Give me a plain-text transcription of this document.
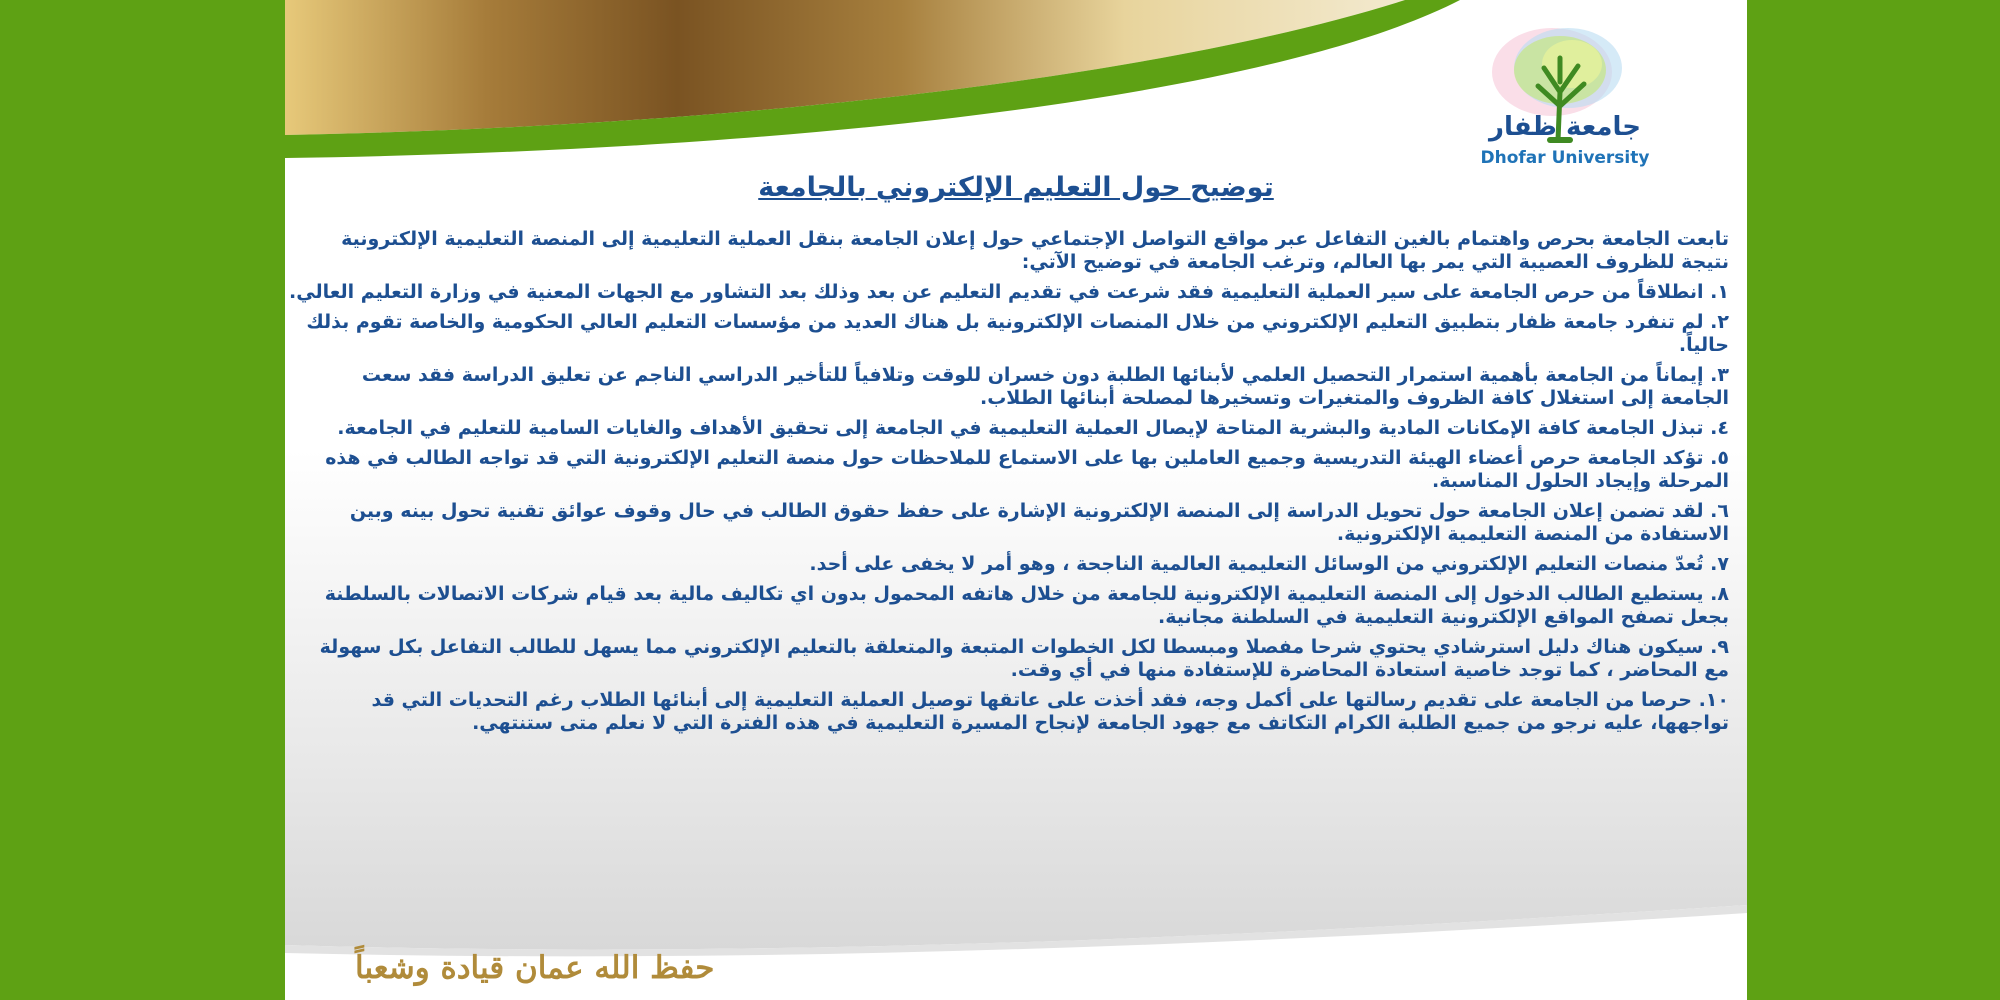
جامعة ظفار
Dhofar University
توضيح حول التعليم الإلكتروني بالجامعة

تابعت الجامعة بحرص واهتمام بالغين التفاعل عبر مواقع التواصل الإجتماعي حول إعلان الجامعة بنقل العملية التعليمية إلى المنصة التعليمية الإلكترونية نتيجة للظروف العصيبة التي يمر بها العالم، وترغب الجامعة في توضيح الآتي:

١. انطلاقاً من حرص الجامعة على سير العملية التعليمية فقد شرعت في تقديم التعليم عن بعد وذلك بعد التشاور مع الجهات المعنية في وزارة التعليم العالي.

٢. لم تنفرد جامعة ظفار بتطبيق التعليم الإلكتروني من خلال المنصات الإلكترونية بل هناك العديد من مؤسسات التعليم العالي الحكومية والخاصة تقوم بذلك حالياً.

٣. إيماناً من الجامعة بأهمية استمرار التحصيل العلمي لأبنائها الطلبة دون خسران للوقت وتلافياً للتأخير الدراسي الناجم عن تعليق الدراسة فقد سعت الجامعة إلى استغلال كافة الظروف والمتغيرات وتسخيرها لمصلحة أبنائها الطلاب.

٤. تبذل الجامعة كافة الإمكانات المادية والبشرية المتاحة لإيصال العملية التعليمية في الجامعة إلى تحقيق الأهداف والغايات السامية للتعليم في الجامعة.

٥. تؤكد الجامعة حرص أعضاء الهيئة التدريسية وجميع العاملين بها على الاستماع للملاحظات حول منصة التعليم الإلكترونية التي قد تواجه الطالب في هذه المرحلة وإيجاد الحلول المناسبة.

٦. لقد تضمن إعلان الجامعة حول تحويل الدراسة إلى المنصة الإلكترونية الإشارة على حفظ حقوق الطالب في حال وقوف عوائق تقنية تحول بينه وبين الاستفادة من المنصة التعليمية الإلكترونية.

٧. تُعدّ منصات التعليم الإلكتروني من الوسائل التعليمية العالمية الناجحة ، وهو أمر لا يخفى على أحد.

٨. يستطيع الطالب الدخول إلى المنصة التعليمية الإلكترونية للجامعة من خلال هاتفه المحمول بدون اي تكاليف مالية بعد قيام شركات الاتصالات بالسلطنة بجعل تصفح المواقع الإلكترونية التعليمية في السلطنة مجانية.

٩. سيكون هناك دليل استرشادي يحتوي شرحا مفصلا ومبسطا لكل الخطوات المتبعة والمتعلقة بالتعليم الإلكتروني مما يسهل للطالب التفاعل بكل سهولة مع المحاضر ، كما توجد خاصية استعادة المحاضرة للإستفادة منها في أي وقت.

١٠. حرصا من الجامعة على تقديم رسالتها على أكمل وجه، فقد أخذت على عاتقها توصيل العملية التعليمية إلى أبنائها الطلاب رغم التحديات التي قد تواجهها، عليه نرجو من جميع الطلبة الكرام التكاتف مع جهود الجامعة لإنجاح المسيرة التعليمية في هذه الفترة التي لا نعلم متى ستنتهي.

حفظ الله عمان قيادة وشعباً
